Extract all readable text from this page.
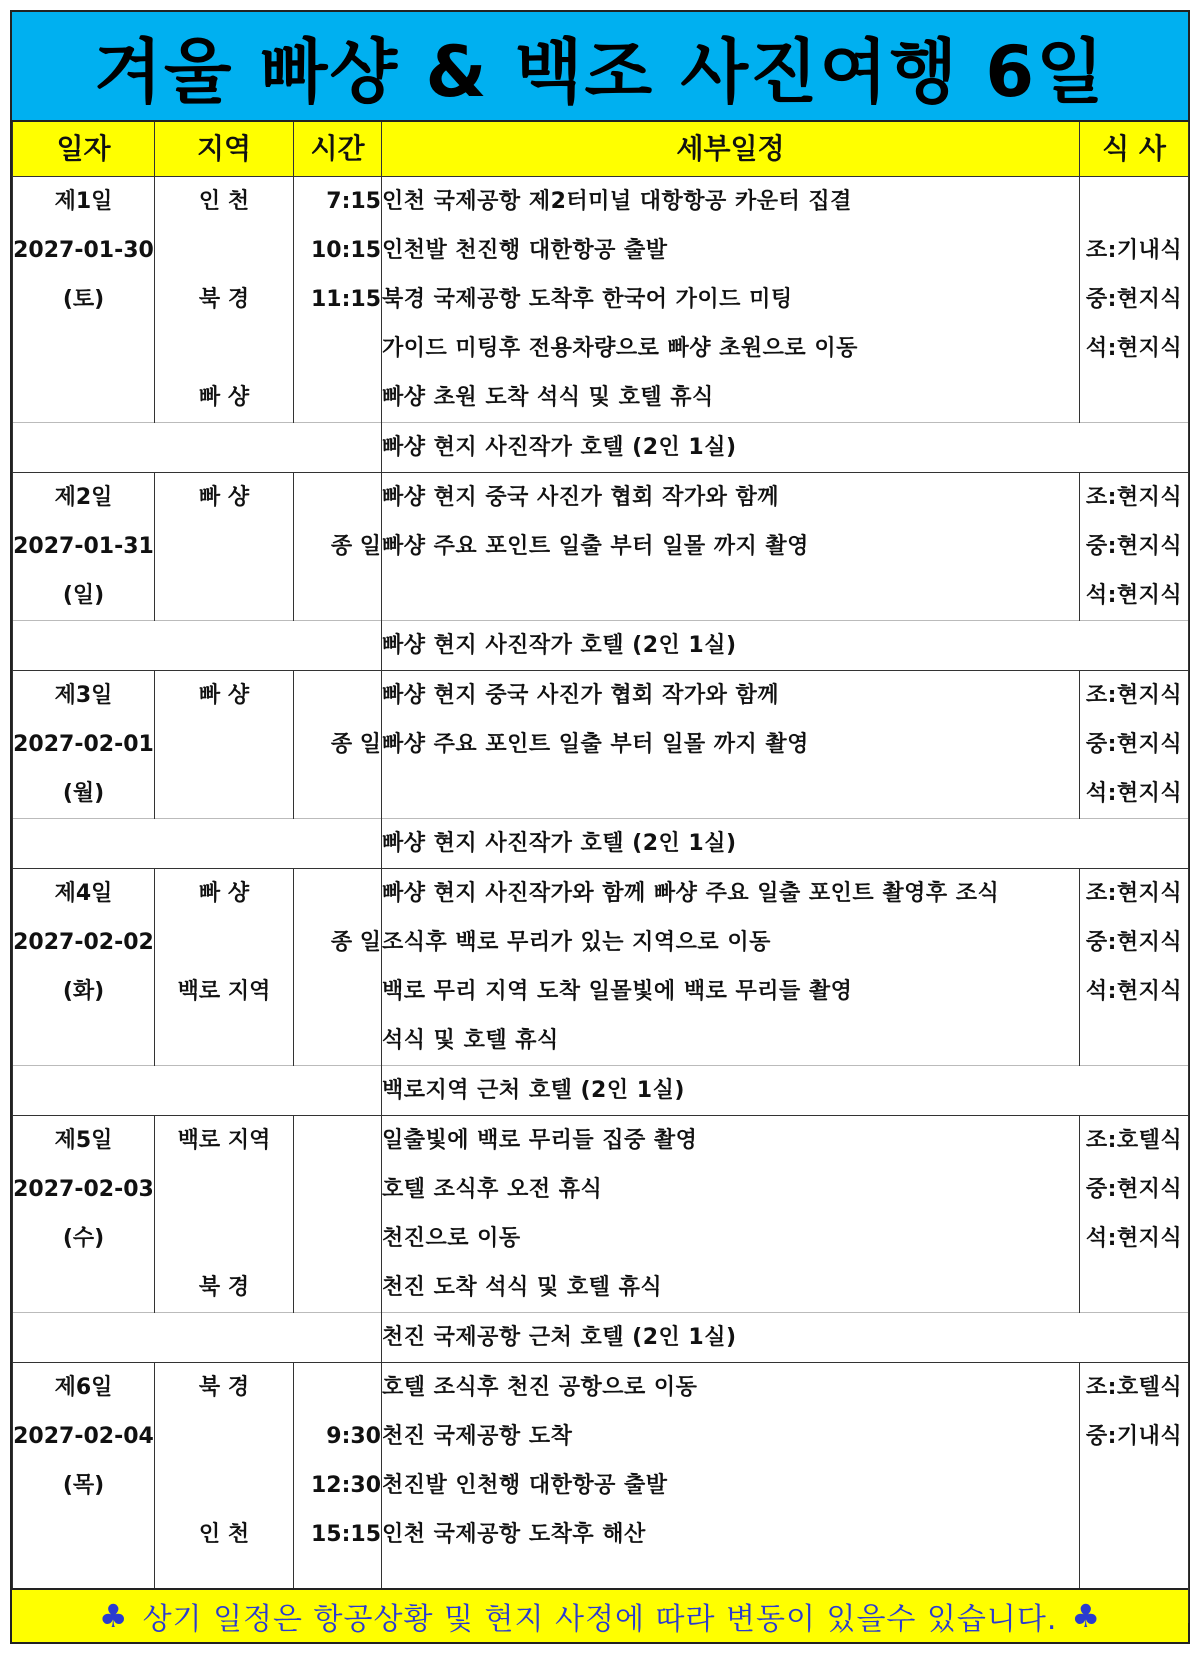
겨울 빠샹 & 백조 사진여행 6일
일자	지역	시간	세부일정	식 사
제1일	인 천	7:15	인천 국제공항 제2터미널 대항항공 카운터 집결	
2027-01-30		10:15	인천발 천진행 대한항공 출발	조:기내식
(토)	북 경	11:15	북경 국제공항 도착후 한국어 가이드 미팅	중:현지식
			가이드 미팅후 전용차량으로 빠샹 초원으로 이동	석:현지식
	빠 샹		빠샹 초원 도착 석식 및 호텔 휴식	
			빠샹 현지 사진작가 호텔 (2인 1실)	
제2일	빠 샹		빠샹 현지 중국 사진가 협회 작가와 함께	조:현지식
2027-01-31		종 일	빠샹 주요 포인트 일출 부터 일몰 까지 촬영	중:현지식
(일)				석:현지식
			빠샹 현지 사진작가 호텔 (2인 1실)	
제3일	빠 샹		빠샹 현지 중국 사진가 협회 작가와 함께	조:현지식
2027-02-01		종 일	빠샹 주요 포인트 일출 부터 일몰 까지 촬영	중:현지식
(월)				석:현지식
			빠샹 현지 사진작가 호텔 (2인 1실)	
제4일	빠 샹		빠샹 현지 사진작가와 함께 빠샹 주요 일출 포인트 촬영후 조식	조:현지식
2027-02-02		종 일	조식후 백로 무리가 있는 지역으로 이동	중:현지식
(화)	백로 지역		백로 무리 지역 도착 일몰빛에 백로 무리들 촬영	석:현지식
			석식 및 호텔 휴식	
			백로지역 근처 호텔 (2인 1실)	
제5일	백로 지역		일출빛에 백로 무리들 집중 촬영	조:호텔식
2027-02-03			호텔 조식후 오전 휴식	중:현지식
(수)			천진으로 이동	석:현지식
	북 경		천진 도착 석식 및 호텔 휴식	
			천진 국제공항 근처 호텔 (2인 1실)	
제6일	북 경		호텔 조식후 천진 공항으로 이동	조:호텔식
2027-02-04		9:30	천진 국제공항 도착	중:기내식
(목)		12:30	천진발 인천행 대한항공 출발	
	인 천	15:15	인천 국제공항 도착후 해산	

♣ 상기 일정은 항공상황 및 현지 사정에 따라 변동이 있을수 있습니다. ♣
